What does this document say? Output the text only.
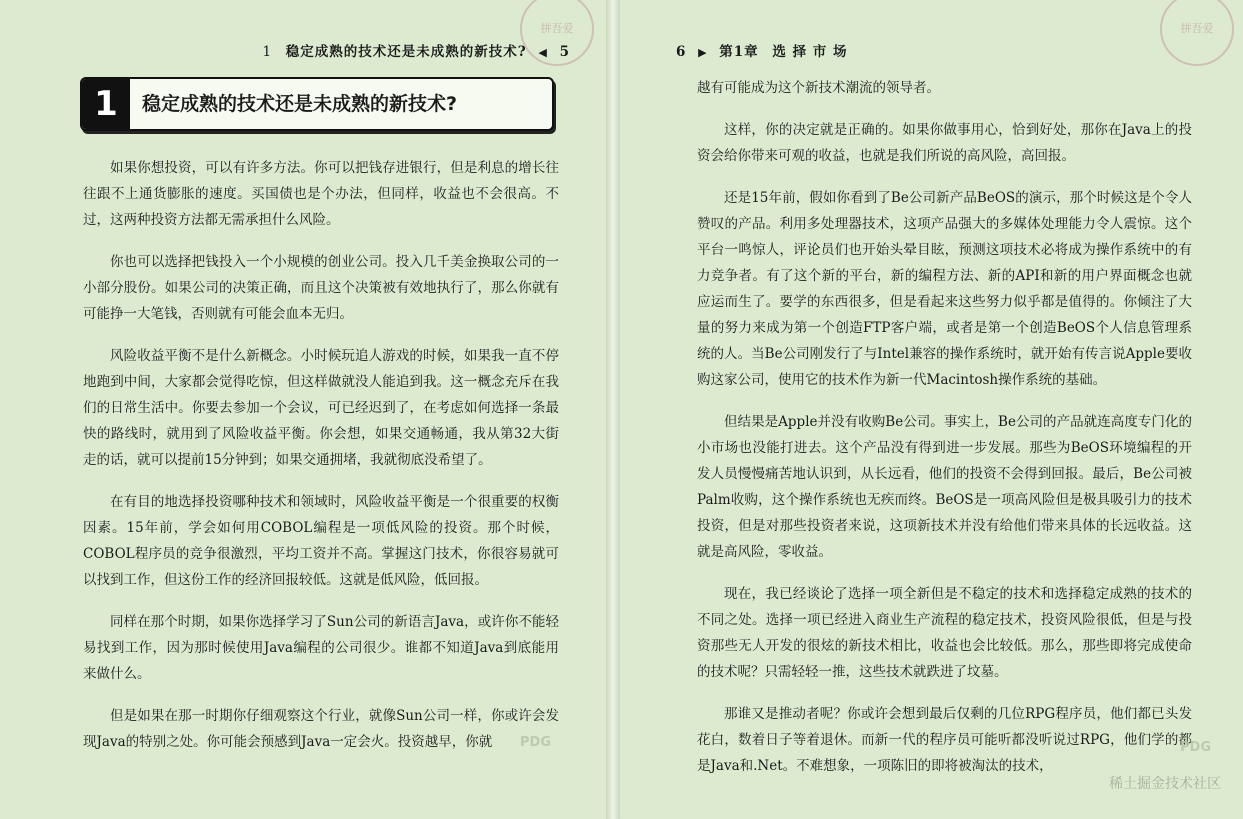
1 稳定成熟的技术还是未成熟的新技术? ◀ 5
拼吾爱
1	稳定成熟的技术还是未成熟的新技术?

如果你想投资，可以有许多方法。你可以把钱存进银行，但是利息的增长往往跟不上通货膨胀的速度。买国债也是个办法，但同样，收益也不会很高。不过，这两种投资方法都无需承担什么风险。

你也可以选择把钱投入一个小规模的创业公司。投入几千美金换取公司的一小部分股份。如果公司的决策正确，而且这个决策被有效地执行了，那么你就有可能挣一大笔钱，否则就有可能会血本无归。

风险收益平衡不是什么新概念。小时候玩追人游戏的时候，如果我一直不停地跑到中间，大家都会觉得吃惊，但这样做就没人能追到我。这一概念充斥在我们的日常生活中。你要去参加一个会议，可已经迟到了，在考虑如何选择一条最快的路线时，就用到了风险收益平衡。你会想，如果交通畅通，我从第32大街走的话，就可以提前15分钟到；如果交通拥堵，我就彻底没希望了。

在有目的地选择投资哪种技术和领域时，风险收益平衡是一个很重要的权衡因素。15年前，学会如何用COBOL编程是一项低风险的投资。那个时候，COBOL程序员的竞争很激烈，平均工资并不高。掌握这门技术，你很容易就可以找到工作，但这份工作的经济回报较低。这就是低风险，低回报。

同样在那个时期，如果你选择学习了Sun公司的新语言Java，或许你不能轻易找到工作，因为那时候使用Java编程的公司很少。谁都不知道Java到底能用来做什么。

但是如果在那一时期你仔细观察这个行业，就像Sun公司一样，你或许会发现Java的特别之处。你可能会预感到Java一定会火。投资越早，你就	PDG
6 ▶ 第1章 选 择 市 场
拼吾爱

越有可能成为这个新技术潮流的领导者。

这样，你的决定就是正确的。如果你做事用心，恰到好处，那你在Java上的投资会给你带来可观的收益，也就是我们所说的高风险，高回报。

还是15年前，假如你看到了Be公司新产品BeOS的演示，那个时候这是个令人赞叹的产品。利用多处理器技术，这项产品强大的多媒体处理能力令人震惊。这个平台一鸣惊人，评论员们也开始头晕目眩，预测这项技术必将成为操作系统中的有力竞争者。有了这个新的平台，新的编程方法、新的API和新的用户界面概念也就应运而生了。要学的东西很多，但是看起来这些努力似乎都是值得的。你倾注了大量的努力来成为第一个创造FTP客户端，或者是第一个创造BeOS个人信息管理系统的人。当Be公司刚发行了与Intel兼容的操作系统时，就开始有传言说Apple要收购这家公司，使用它的技术作为新一代Macintosh操作系统的基础。

但结果是Apple并没有收购Be公司。事实上，Be公司的产品就连高度专门化的小市场也没能打进去。这个产品没有得到进一步发展。那些为BeOS环境编程的开发人员慢慢痛苦地认识到，从长远看，他们的投资不会得到回报。最后，Be公司被Palm收购，这个操作系统也无疾而终。BeOS是一项高风险但是极具吸引力的技术投资，但是对那些投资者来说，这项新技术并没有给他们带来具体的长远收益。这就是高风险，零收益。

现在，我已经谈论了选择一项全新但是不稳定的技术和选择稳定成熟的技术的不同之处。选择一项已经进入商业生产流程的稳定技术，投资风险很低，但是与投资那些无人开发的很炫的新技术相比，收益也会比较低。那么，那些即将完成使命的技术呢？只需轻轻一推，这些技术就跌进了坟墓。

那谁又是推动者呢？你或许会想到最后仅剩的几位RPG程序员，他们都已头发花白，数着日子等着退休。而新一代的程序员可能听都没听说过RPG，他们学的都是Java和.Net。不难想象，一项陈旧的即将被淘汰的技术，

PDG
稀土掘金技术社区
